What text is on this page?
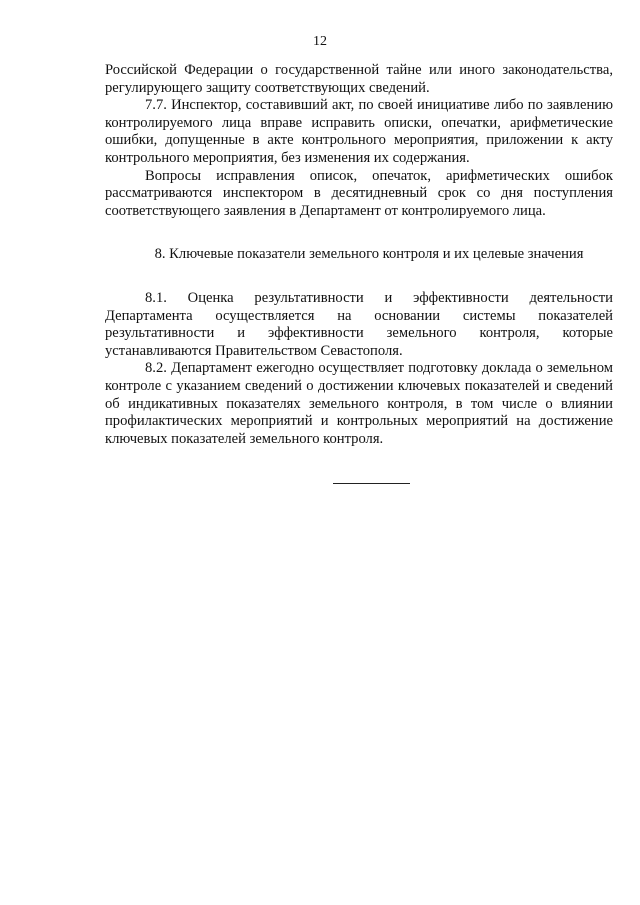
12

Российской Федерации о государственной тайне или иного законодательства, регулирующего защиту соответствующих сведений.

7.7. Инспектор, составивший акт, по своей инициативе либо по заявлению контролируемого лица вправе исправить описки, опечатки, арифметические ошибки, допущенные в акте контрольного мероприятия, приложении к акту контрольного мероприятия, без изменения их содержания.

Вопросы исправления описок, опечаток, арифметических ошибок рассматриваются инспектором в десятидневный срок со дня поступления соответствующего заявления в Департамент от контролируемого лица.

8. Ключевые показатели земельного контроля и их целевые значения

8.1. Оценка результативности и эффективности деятельности Департамента осуществляется на основании системы показателей результативности и эффективности земельного контроля, которые устанавливаются Правительством Севастополя.

8.2. Департамент ежегодно осуществляет подготовку доклада о земельном контроле с указанием сведений о достижении ключевых показателей и сведений об индикативных показателях земельного контроля, в том числе о влиянии профилактических мероприятий и контрольных мероприятий на достижение ключевых показателей земельного контроля.
